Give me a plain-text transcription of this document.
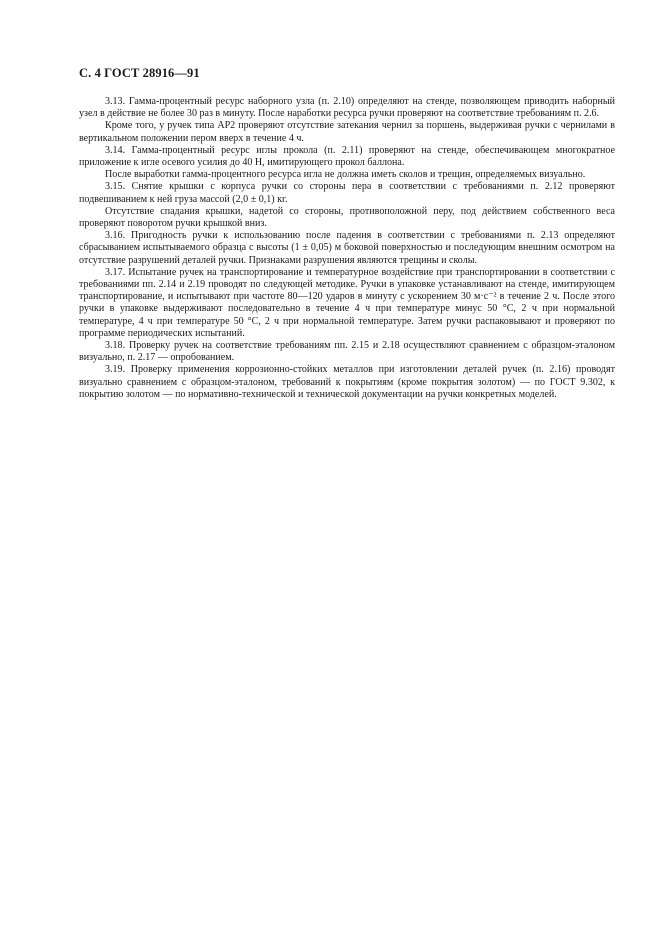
С. 4 ГОСТ 28916—91

3.13. Гамма-процентный ресурс наборного узла (п. 2.10) определяют на стенде, позволяющем приводить наборный узел в действие не более 30 раз в минуту. После наработки ресурса ручки проверяют на соответствие требованиям п. 2.6.

Кроме того, у ручек типа АР2 проверяют отсутствие затекания чернил за поршень, выдерживая ручки с чернилами в вертикальном положении пером вверх в течение 4 ч.

3.14. Гамма-процентный ресурс иглы прокола (п. 2.11) проверяют на стенде, обеспечивающем многократное приложение к игле осевого усилия до 40 Н, имитирующего прокол баллона.

После выработки гамма-процентного ресурса игла не должна иметь сколов и трещин, определяемых визуально.

3.15. Снятие крышки с корпуса ручки со стороны пера в соответствии с требованиями п. 2.12 проверяют подвешиванием к ней груза массой (2,0 ± 0,1) кг.

Отсутствие спадания крышки, надетой со стороны, противоположной перу, под действием собственного веса проверяют поворотом ручки крышкой вниз.

3.16. Пригодность ручки к использованию после падения в соответствии с требованиями п. 2.13 определяют сбрасыванием испытываемого образца с высоты (1 ± 0,05) м боковой поверхностью и последующим внешним осмотром на отсутствие разрушений деталей ручки. Признаками разрушения являются трещины и сколы.

3.17. Испытание ручек на транспортирование и температурное воздействие при транспортировании в соответствии с требованиями пп. 2.14 и 2.19 проводят по следующей методике. Ручки в упаковке устанавливают на стенде, имитирующем транспортирование, и испытывают при частоте 80—120 ударов в минуту с ускорением 30 м·с⁻² в течение 2 ч. После этого ручки в упаковке выдерживают последовательно в течение 4 ч при температуре минус 50 °С, 2 ч при нормальной температуре, 4 ч при температуре 50 °С, 2 ч при нормальной температуре. Затем ручки распаковывают и проверяют по программе периодических испытаний.

3.18. Проверку ручек на соответствие требованиям пп. 2.15 и 2.18 осуществляют сравнением с образцом-эталоном визуально, п. 2.17 — опробованием.

3.19. Проверку применения коррозионно-стойких металлов при изготовлении деталей ручек (п. 2.16) проводят визуально сравнением с образцом-эталоном, требований к покрытиям (кроме покрытия золотом) — по ГОСТ 9.302, к покрытию золотом — по нормативно-технической и технической документации на ручки конкретных моделей.
